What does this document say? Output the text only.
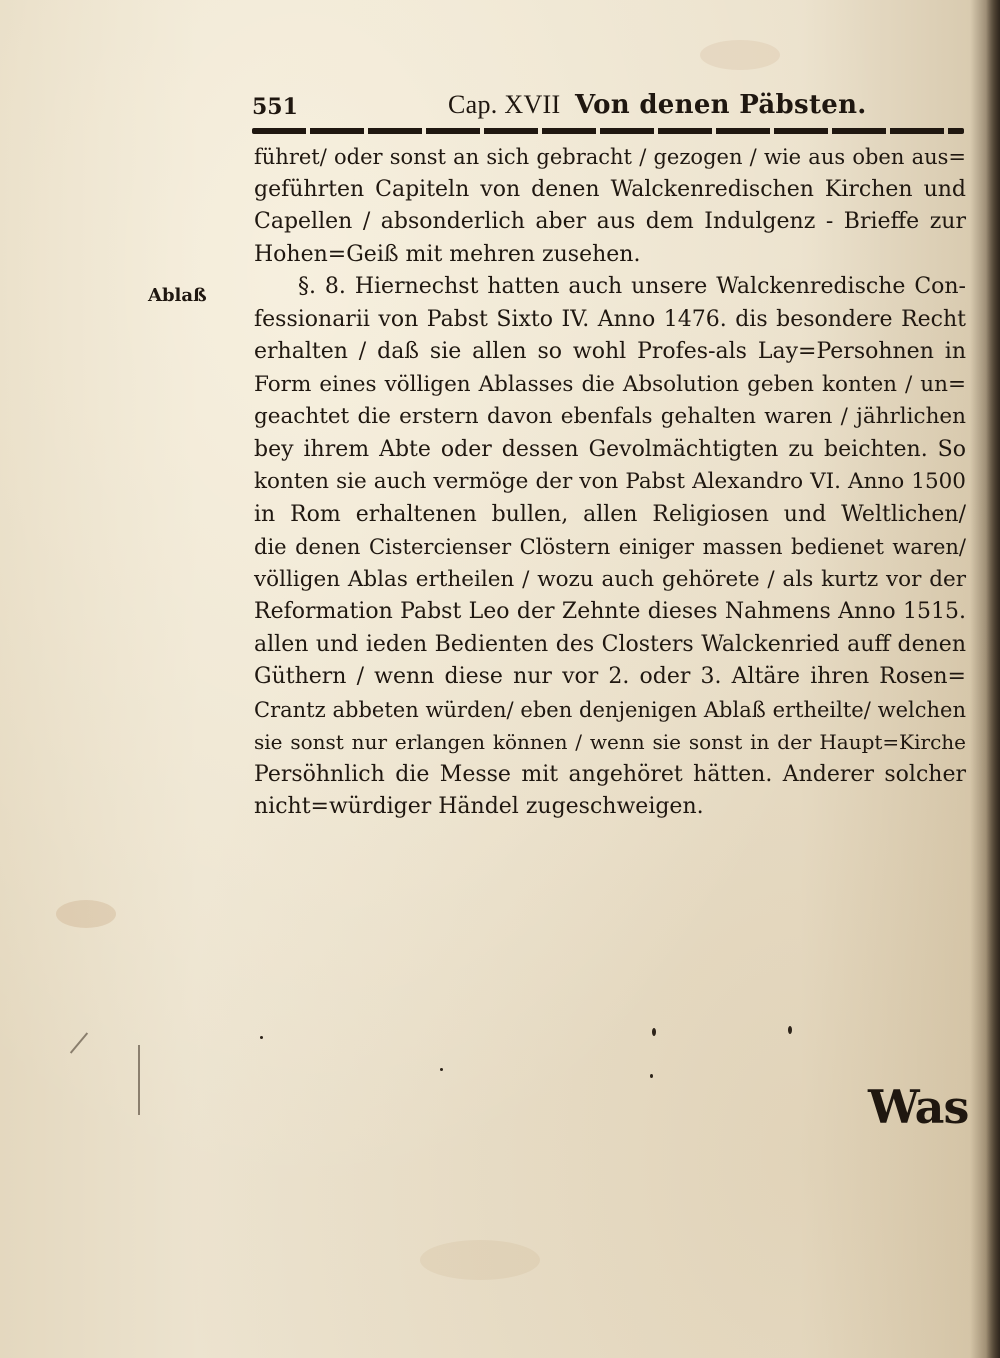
551	Cap. XVII Von denen Päbsten.
Ablaß
führet/ oder sonst an sich gebracht / gezogen / wie aus oben aus=
geführten Capiteln von denen Walckenredischen Kirchen und
Capellen / absonderlich aber aus dem Indulgenz - Brieffe zur
Hohen=Geiß mit mehren zusehen.
§. 8. Hiernechst hatten auch unsere Walckenredische Con-
fessionarii von Pabst Sixto IV. Anno 1476. dis besondere Recht
erhalten / daß sie allen so wohl Profes-als Lay=Persohnen in
Form eines völligen Ablasses die Absolution geben konten / un=
geachtet die erstern davon ebenfals gehalten waren / jährlichen
bey ihrem Abte oder dessen Gevolmächtigten zu beichten. So
konten sie auch vermöge der von Pabst Alexandro VI. Anno 1500
in Rom erhaltenen bullen, allen Religiosen und Weltlichen/
die denen Cistercienser Clöstern einiger massen bedienet waren/
völligen Ablas ertheilen / wozu auch gehörete / als kurtz vor der
Reformation Pabst Leo der Zehnte dieses Nahmens Anno 1515.
allen und ieden Bedienten des Closters Walckenried auff denen
Güthern / wenn diese nur vor 2. oder 3. Altäre ihren Rosen=
Crantz abbeten würden/ eben denjenigen Ablaß ertheilte/ welchen
sie sonst nur erlangen können / wenn sie sonst in der Haupt=Kirche
Persöhnlich die Messe mit angehöret hätten. Anderer solcher
nicht=würdiger Händel zugeschweigen.
Was
